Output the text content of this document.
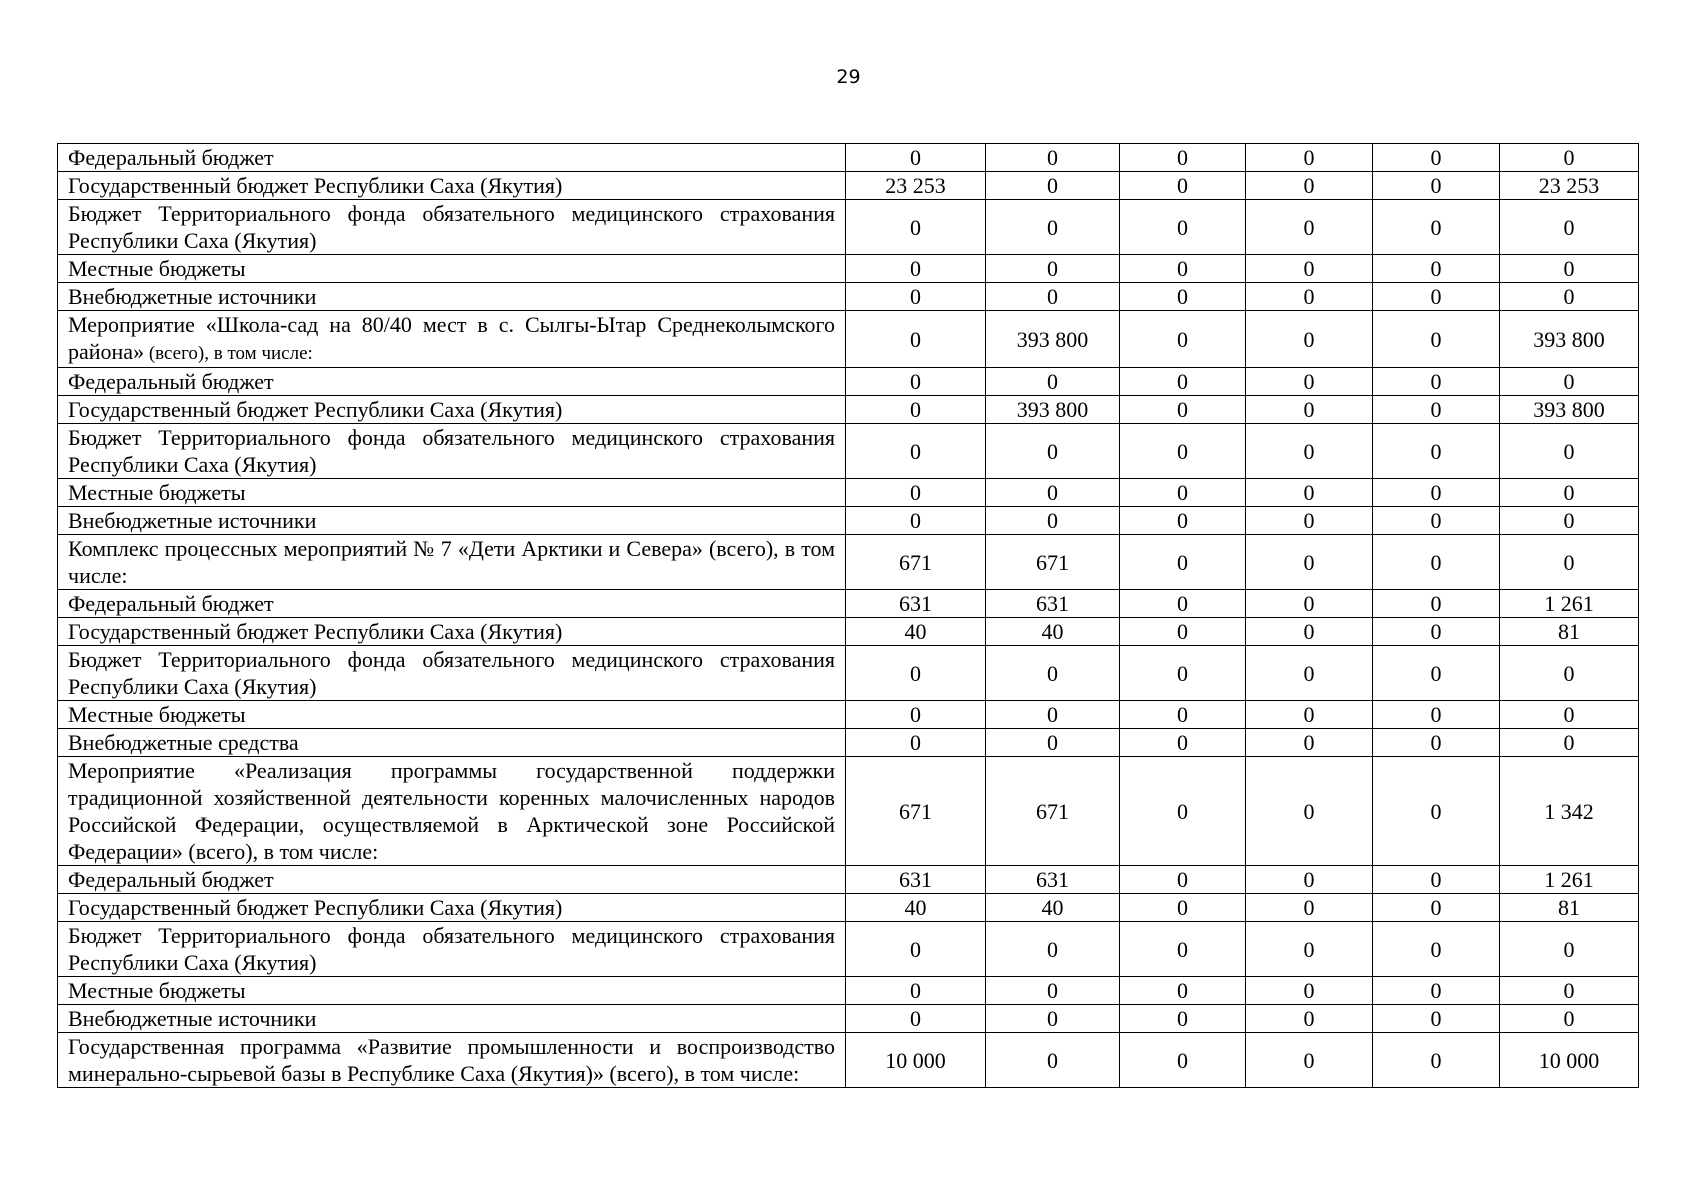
29
Федеральный бюджет	0	0	0	0	0	0
Государственный бюджет Республики Саха (Якутия)	23 253	0	0	0	0	23 253
Бюджет Территориального фонда обязательного медицинского страхования Республики Саха (Якутия)	0	0	0	0	0	0
Местные бюджеты	0	0	0	0	0	0
Внебюджетные источники	0	0	0	0	0	0
Мероприятие «Школа-сад на 80/40 мест в с. Сылгы-Ытар Среднеколымского района» (всего), в том числе:	0	393 800	0	0	0	393 800
Федеральный бюджет	0	0	0	0	0	0
Государственный бюджет Республики Саха (Якутия)	0	393 800	0	0	0	393 800
Бюджет Территориального фонда обязательного медицинского страхования Республики Саха (Якутия)	0	0	0	0	0	0
Местные бюджеты	0	0	0	0	0	0
Внебюджетные источники	0	0	0	0	0	0
Комплекс процессных мероприятий № 7 «Дети Арктики и Севера» (всего), в том числе:	671	671	0	0	0	0
Федеральный бюджет	631	631	0	0	0	1 261
Государственный бюджет Республики Саха (Якутия)	40	40	0	0	0	81
Бюджет Территориального фонда обязательного медицинского страхования Республики Саха (Якутия)	0	0	0	0	0	0
Местные бюджеты	0	0	0	0	0	0
Внебюджетные средства	0	0	0	0	0	0
Мероприятие «Реализация программы государственной поддержки традиционной хозяйственной деятельности коренных малочисленных народов Российской Федерации, осуществляемой в Арктической зоне Российской Федерации» (всего), в том числе:	671	671	0	0	0	1 342
Федеральный бюджет	631	631	0	0	0	1 261
Государственный бюджет Республики Саха (Якутия)	40	40	0	0	0	81
Бюджет Территориального фонда обязательного медицинского страхования Республики Саха (Якутия)	0	0	0	0	0	0
Местные бюджеты	0	0	0	0	0	0
Внебюджетные источники	0	0	0	0	0	0
Государственная программа «Развитие промышленности и воспроизводство минерально-сырьевой базы в Республике Саха (Якутия)» (всего), в том числе:	10 000	0	0	0	0	10 000
